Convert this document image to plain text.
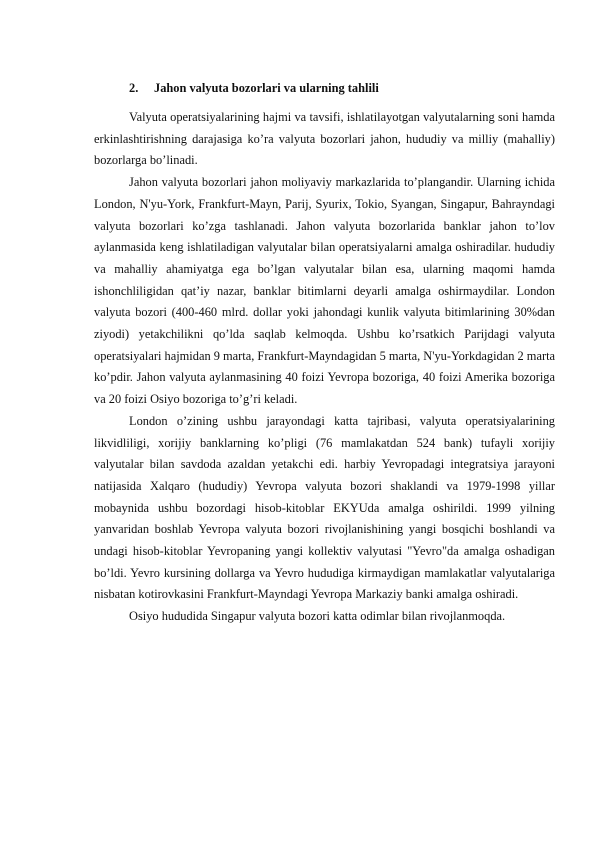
2. Jahon valyuta bozorlari va ularning tahlili

Valyuta operatsiyalarining hajmi va tavsifi, ishlatilayotgan valyutalarning soni hamda erkinlashtirishning darajasiga ko’ra valyuta bozorlari jahon, hududiy va milliy (mahalliy) bozorlarga bo’linadi.

Jahon valyuta bozorlari jahon moliyaviy markazlarida to’plangandir. Ularning ichida London, N'yu-York, Frankfurt-Mayn, Parij, Syurix, Tokio, Syangan, Singapur, Bahrayndagi valyuta bozorlari ko’zga tashlanadi. Jahon valyuta bozorlarida banklar jahon to’lov aylanmasida keng ishlatiladigan valyutalar bilan operatsiyalarni amalga oshiradilar. hududiy va mahalliy ahamiyatga ega bo’lgan valyutalar bilan esa, ularning maqomi hamda ishonchliligidan qat’iy nazar, banklar bitimlarni deyarli amalga oshirmaydilar. London valyuta bozori (400-460 mlrd. dollar yoki jahondagi kunlik valyuta bitimlarining 30%dan ziyodi) yetakchilikni qo’lda saqlab kelmoqda. Ushbu ko’rsatkich Parijdagi valyuta operatsiyalari hajmidan 9 marta, Frankfurt-Mayndagidan 5 marta, N'yu-Yorkdagidan 2 marta ko’pdir. Jahon valyuta aylanmasining 40 foizi Yevropa bozoriga, 40 foizi Amerika bozoriga va 20 foizi Osiyo bozoriga to’g’ri keladi.

London o’zining ushbu jarayondagi katta tajribasi, valyuta operatsiyalarining likvidliligi, xorijiy banklarning ko’pligi (76 mamlakatdan 524 bank) tufayli xorijiy valyutalar bilan savdoda azaldan yetakchi edi. harbiy Yevropadagi integratsiya jarayoni natijasida Xalqaro (hududiy) Yevropa valyuta bozori shaklandi va 1979-1998 yillar mobaynida ushbu bozordagi hisob-kitoblar EKYUda amalga oshirildi. 1999 yilning yanvaridan boshlab Yevropa valyuta bozori rivojlanishining yangi bosqichi boshlandi va undagi hisob-kitoblar Yevropaning yangi kollektiv valyutasi "Yevro"da amalga oshadigan bo’ldi. Yevro kursining dollarga va Yevro hududiga kirmaydigan mamlakatlar valyutalariga nisbatan kotirovkasini Frankfurt-Mayndagi Yevropa Markaziy banki amalga oshiradi.

Osiyo hududida Singapur valyuta bozori katta odimlar bilan rivojlanmoqda.
